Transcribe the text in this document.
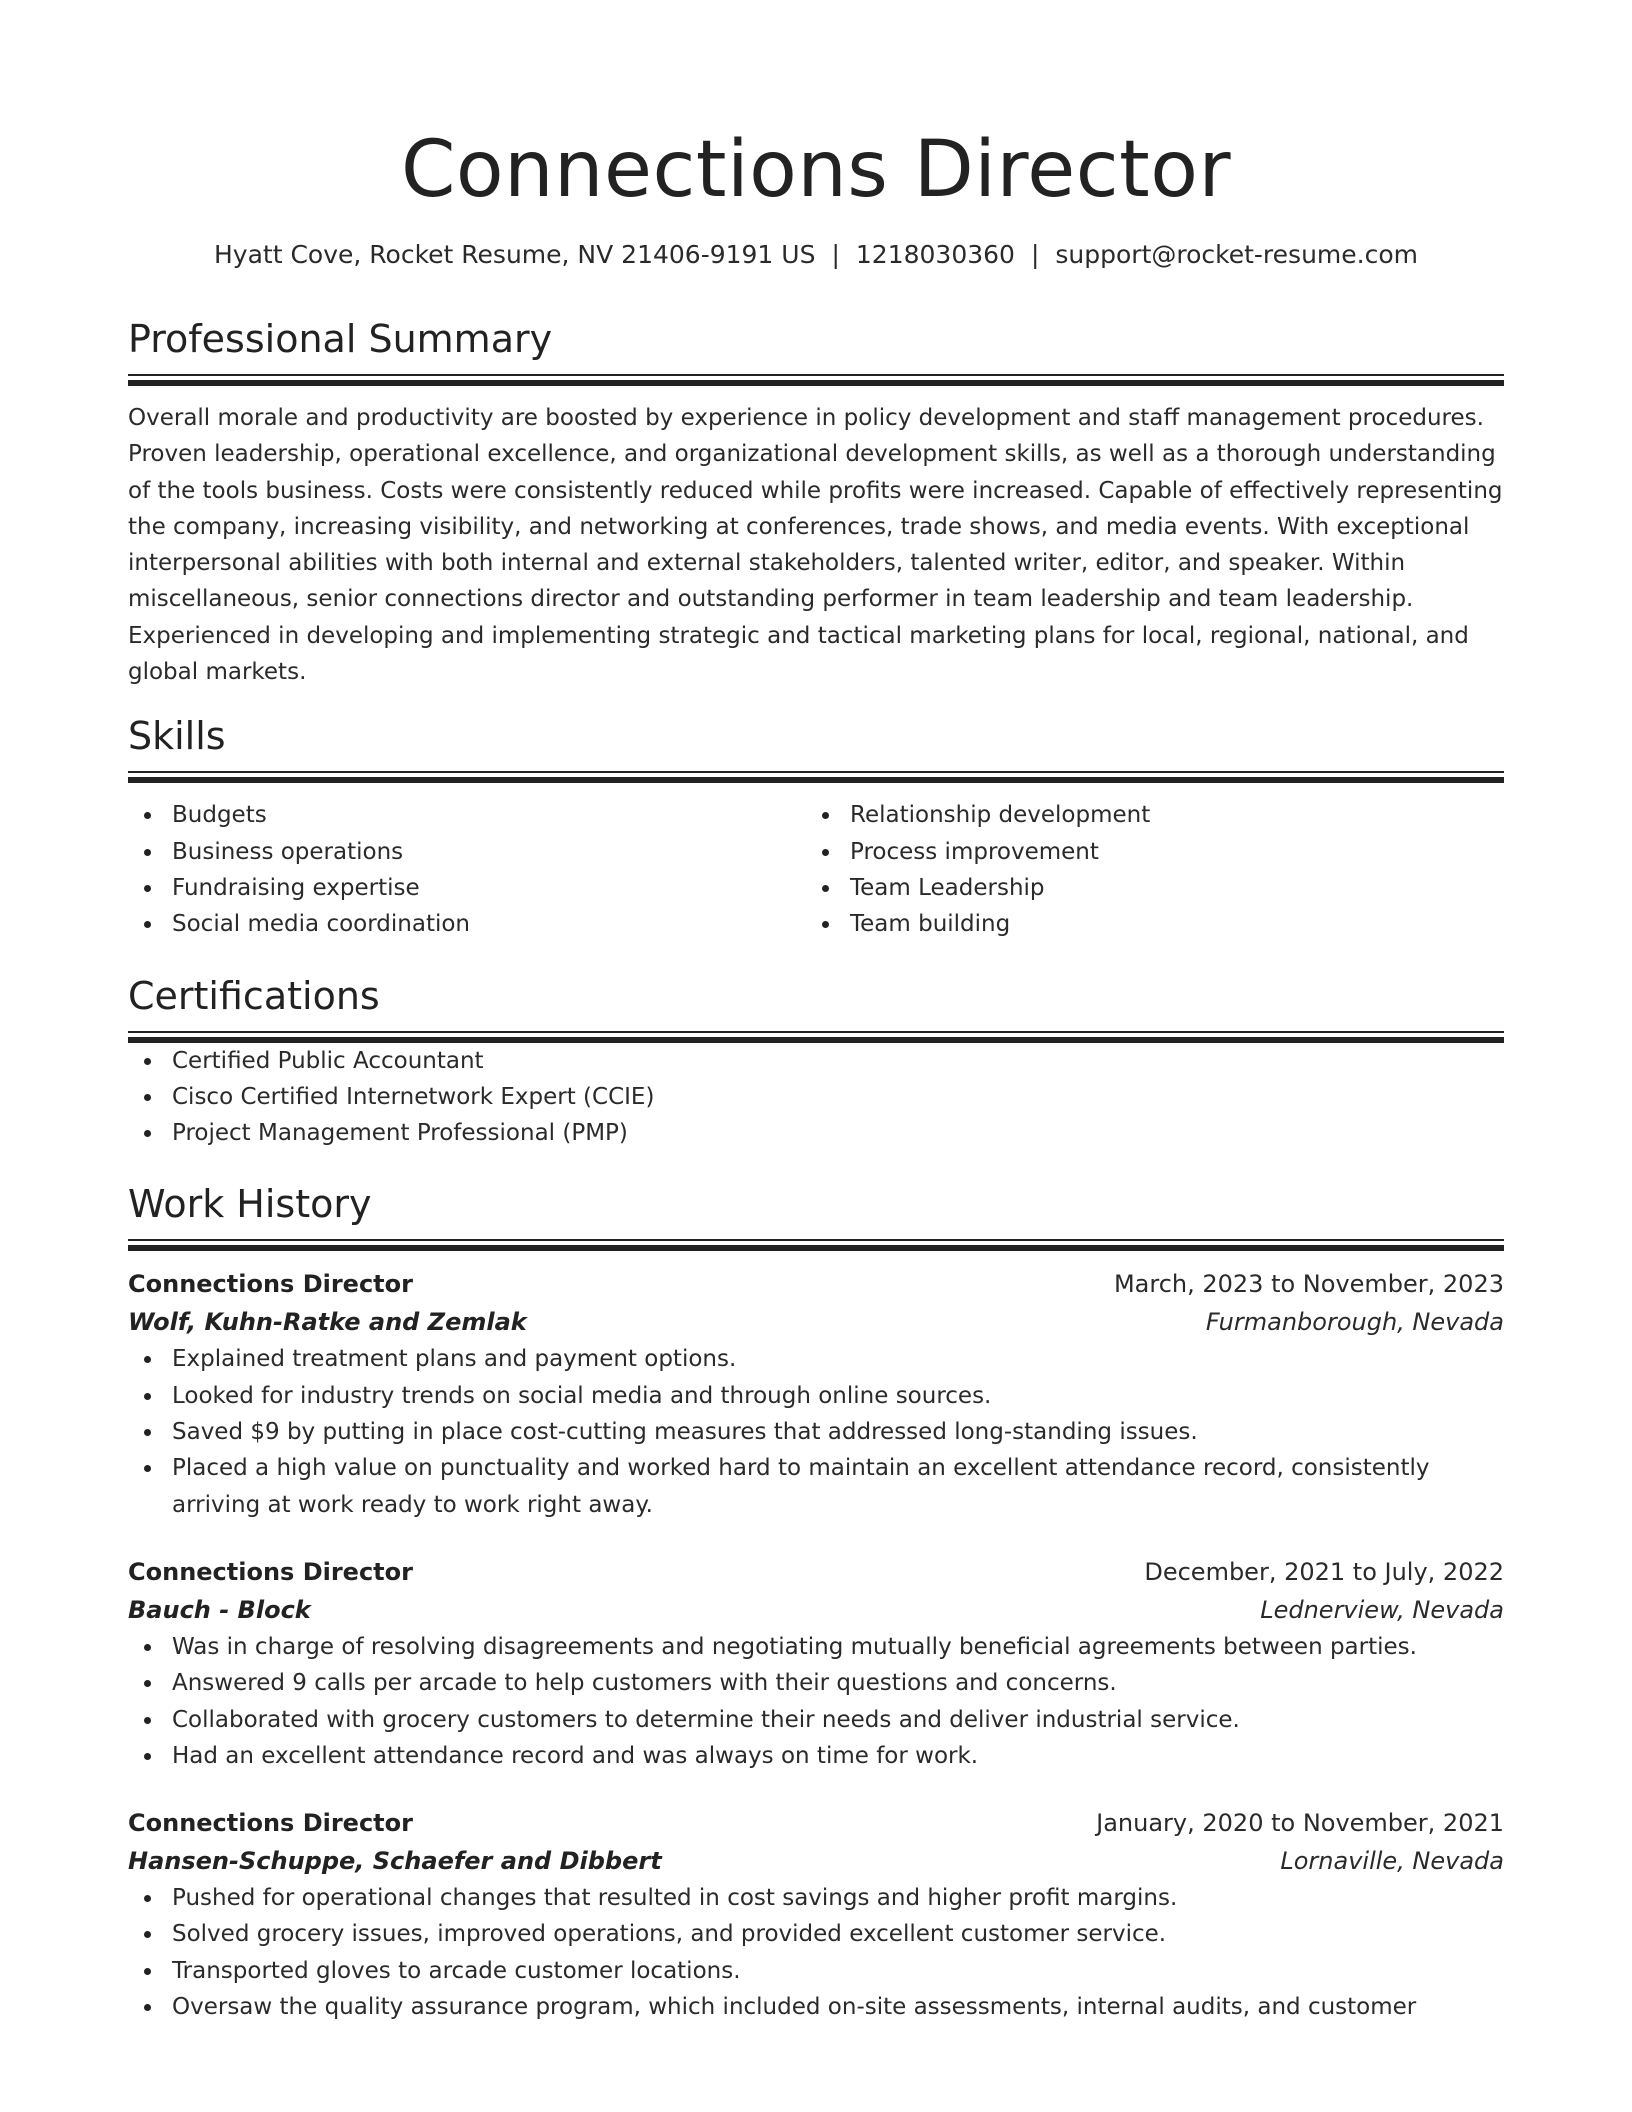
Connections Director
Hyatt Cove, Rocket Resume, NV 21406-9191 US | 1218030360 | support@rocket-resume.com
Professional Summary

Overall morale and productivity are boosted by experience in policy development and staff management procedures. Proven leadership, operational excellence, and organizational development skills, as well as a thorough understanding of the tools business. Costs were consistently reduced while profits were increased. Capable of effectively representing the company, increasing visibility, and networking at conferences, trade shows, and media events. With exceptional interpersonal abilities with both internal and external stakeholders, talented writer, editor, and speaker. Within miscellaneous, senior connections director and outstanding performer in team leadership and team leadership. Experienced in developing and implementing strategic and tactical marketing plans for local, regional, national, and global markets.

Skills
Budgets
Business operations
Fundraising expertise
Social media coordination
Relationship development
Process improvement
Team Leadership
Team building
Certifications
Certified Public Accountant
Cisco Certified Internetwork Expert (CCIE)
Project Management Professional (PMP)
Work History
Connections Director	March, 2023 to November, 2023
Wolf, Kuhn-Ratke and Zemlak	Furmanborough, Nevada
Explained treatment plans and payment options.
Looked for industry trends on social media and through online sources.
Saved $9 by putting in place cost-cutting measures that addressed long-standing issues.
Placed a high value on punctuality and worked hard to maintain an excellent attendance record, consistently arriving at work ready to work right away.
Connections Director	December, 2021 to July, 2022
Bauch - Block	Lednerview, Nevada
Was in charge of resolving disagreements and negotiating mutually beneficial agreements between parties.
Answered 9 calls per arcade to help customers with their questions and concerns.
Collaborated with grocery customers to determine their needs and deliver industrial service.
Had an excellent attendance record and was always on time for work.
Connections Director	January, 2020 to November, 2021
Hansen-Schuppe, Schaefer and Dibbert	Lornaville, Nevada
Pushed for operational changes that resulted in cost savings and higher profit margins.
Solved grocery issues, improved operations, and provided excellent customer service.
Transported gloves to arcade customer locations.
Oversaw the quality assurance program, which included on-site assessments, internal audits, and customer
